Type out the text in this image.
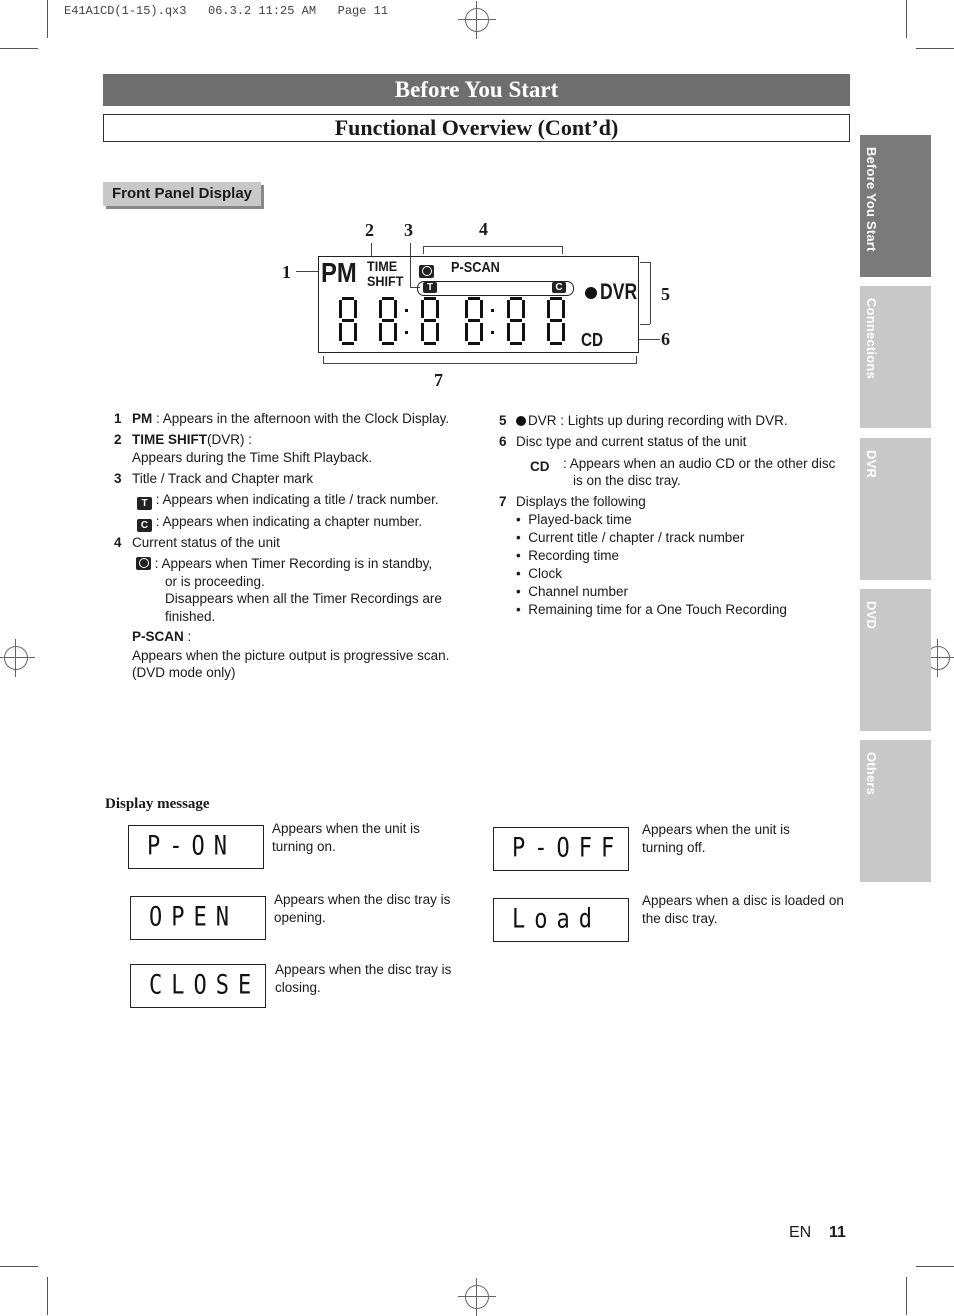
E41A1CD(1-15).qx3   06.3.2 11:25 AM   Page 11
Before You Start
Functional Overview (Cont’d)
Before You Start
Connections
DVR
DVD
Others
Front Panel Display
1
2 3	4
5
6
7
PM TIME
SHIFT
P-SCAN
T	C DVR
CD
1 PM : Appears in the afternoon with the Clock Display.
2 TIME SHIFT(DVR) :
Appears during the Time Shift Playback.
3 Title / Track and Chapter mark
T : Appears when indicating a title / track number.
C : Appears when indicating a chapter number.
4 Current status of the unit
: Appears when Timer Recording is in standby,
or is proceeding.
Disappears when all the Timer Recordings are
finished.
P-SCAN :
Appears when the picture output is progressive scan.
(DVD mode only)
5	DVR : Lights up during recording with DVR.
6 Disc type and current status of the unit
CD : Appears when an audio CD or the other disc
is on the disc tray.
7 Displays the following
•  Played-back time
•  Current title / chapter / track number
•  Recording time
•  Clock
•  Channel number
•  Remaining time for a One Touch Recording
Display message
P-ON
Appears when the unit is
turning on.	P-OFF
Appears when the unit is
turning off.
OPEN
Appears when the disc tray is
opening.	Load
Appears when a disc is loaded on
the disc tray.
CLOSE
Appears when the disc tray is
closing.
EN 11
